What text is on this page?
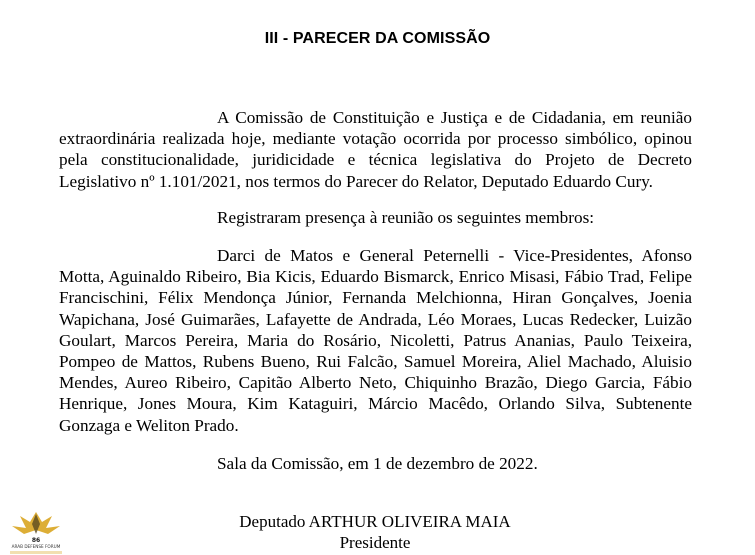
III - PARECER DA COMISSÃO

A Comissão de Constituição e Justiça e de Cidadania, em reunião extraordinária realizada hoje, mediante votação ocorrida por processo simbólico, opinou pela constitucionalidade, juridicidade e técnica legislativa do Projeto de Decreto Legislativo nº 1.101/2021, nos termos do Parecer do Relator, Deputado Eduardo Cury.

Registraram presença à reunião os seguintes membros:

Darci de Matos e General Peternelli - Vice-Presidentes, Afonso Motta, Aguinaldo Ribeiro, Bia Kicis, Eduardo Bismarck, Enrico Misasi, Fábio Trad, Felipe Francischini, Félix Mendonça Júnior, Fernanda Melchionna, Hiran Gonçalves, Joenia Wapichana, José Guimarães, Lafayette de Andrada, Léo Moraes, Lucas Redecker, Luizão Goulart, Marcos Pereira, Maria do Rosário, Nicoletti, Patrus Ananias, Paulo Teixeira, Pompeo de Mattos, Rubens Bueno, Rui Falcão, Samuel Moreira, Aliel Machado, Aluisio Mendes, Aureo Ribeiro, Capitão Alberto Neto, Chiquinho Brazão, Diego Garcia, Fábio Henrique, Jones Moura, Kim Kataguiri, Márcio Macêdo, Orlando Silva, Subtenente Gonzaga e Weliton Prado.

Sala da Comissão, em 1 de dezembro de 2022.
Deputado ARTHUR OLIVEIRA MAIA
Presidente
86
ARAB DEFENSE FORUM
